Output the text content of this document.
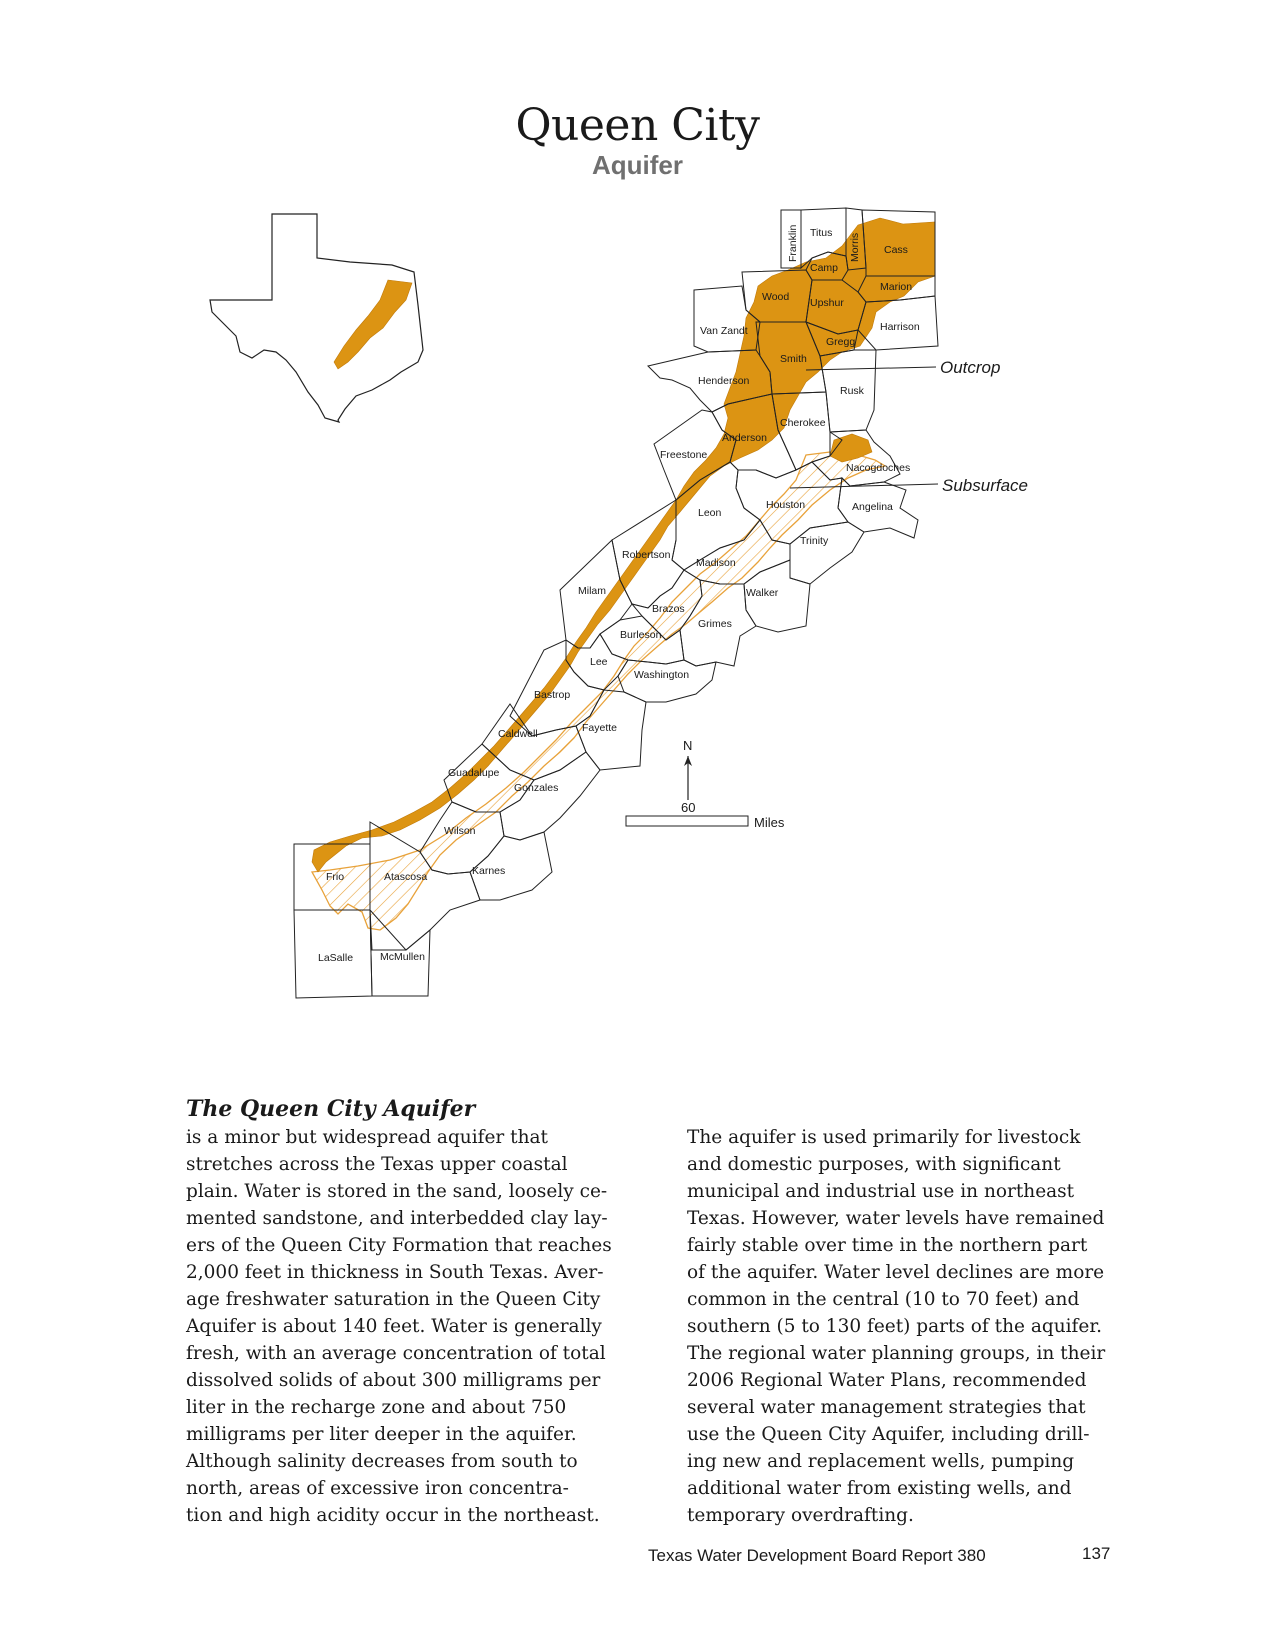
Queen City
Aquifer
Franklin Titus Morris Cass
Camp
Marion
Wood Upshur
Harrison
Van Zandt
Gregg
Smith
Henderson
Rusk
Cherokee
Anderson
Freestone
Nacogdoches
Houston	Angelina
Leon
Trinity
Robertson
Madison
Milam	Walker
Brazos
Grimes
Burleson
Lee
Washington
Bastrop
Fayette
Caldwell
Guadalupe
Gonzales
Wilson
Karnes
Frio	Atascosa
LaSalle	McMullen
Outcrop
Subsurface
N
60
Miles
The Queen City Aquifer
is a minor but widespread aquifer that
stretches across the Texas upper coastal
plain. Water is stored in the sand, loosely ce-
mented sandstone, and interbedded clay lay-
ers of the Queen City Formation that reaches
2,000 feet in thickness in South Texas. Aver-
age freshwater saturation in the Queen City
Aquifer is about 140 feet. Water is generally
fresh, with an average concentration of total
dissolved solids of about 300 milligrams per
liter in the recharge zone and about 750
milligrams per liter deeper in the aquifer.
Although salinity decreases from south to
north, areas of excessive iron concentra-
tion and high acidity occur in the northeast.
The aquifer is used primarily for livestock
and domestic purposes, with significant
municipal and industrial use in northeast
Texas. However, water levels have remained
fairly stable over time in the northern part
of the aquifer. Water level declines are more
common in the central (10 to 70 feet) and
southern (5 to 130 feet) parts of the aquifer.
The regional water planning groups, in their
2006 Regional Water Plans, recommended
several water management strategies that
use the Queen City Aquifer, including drill-
ing new and replacement wells, pumping
additional water from existing wells, and
temporary overdrafting.
Texas Water Development Board Report 380	137
